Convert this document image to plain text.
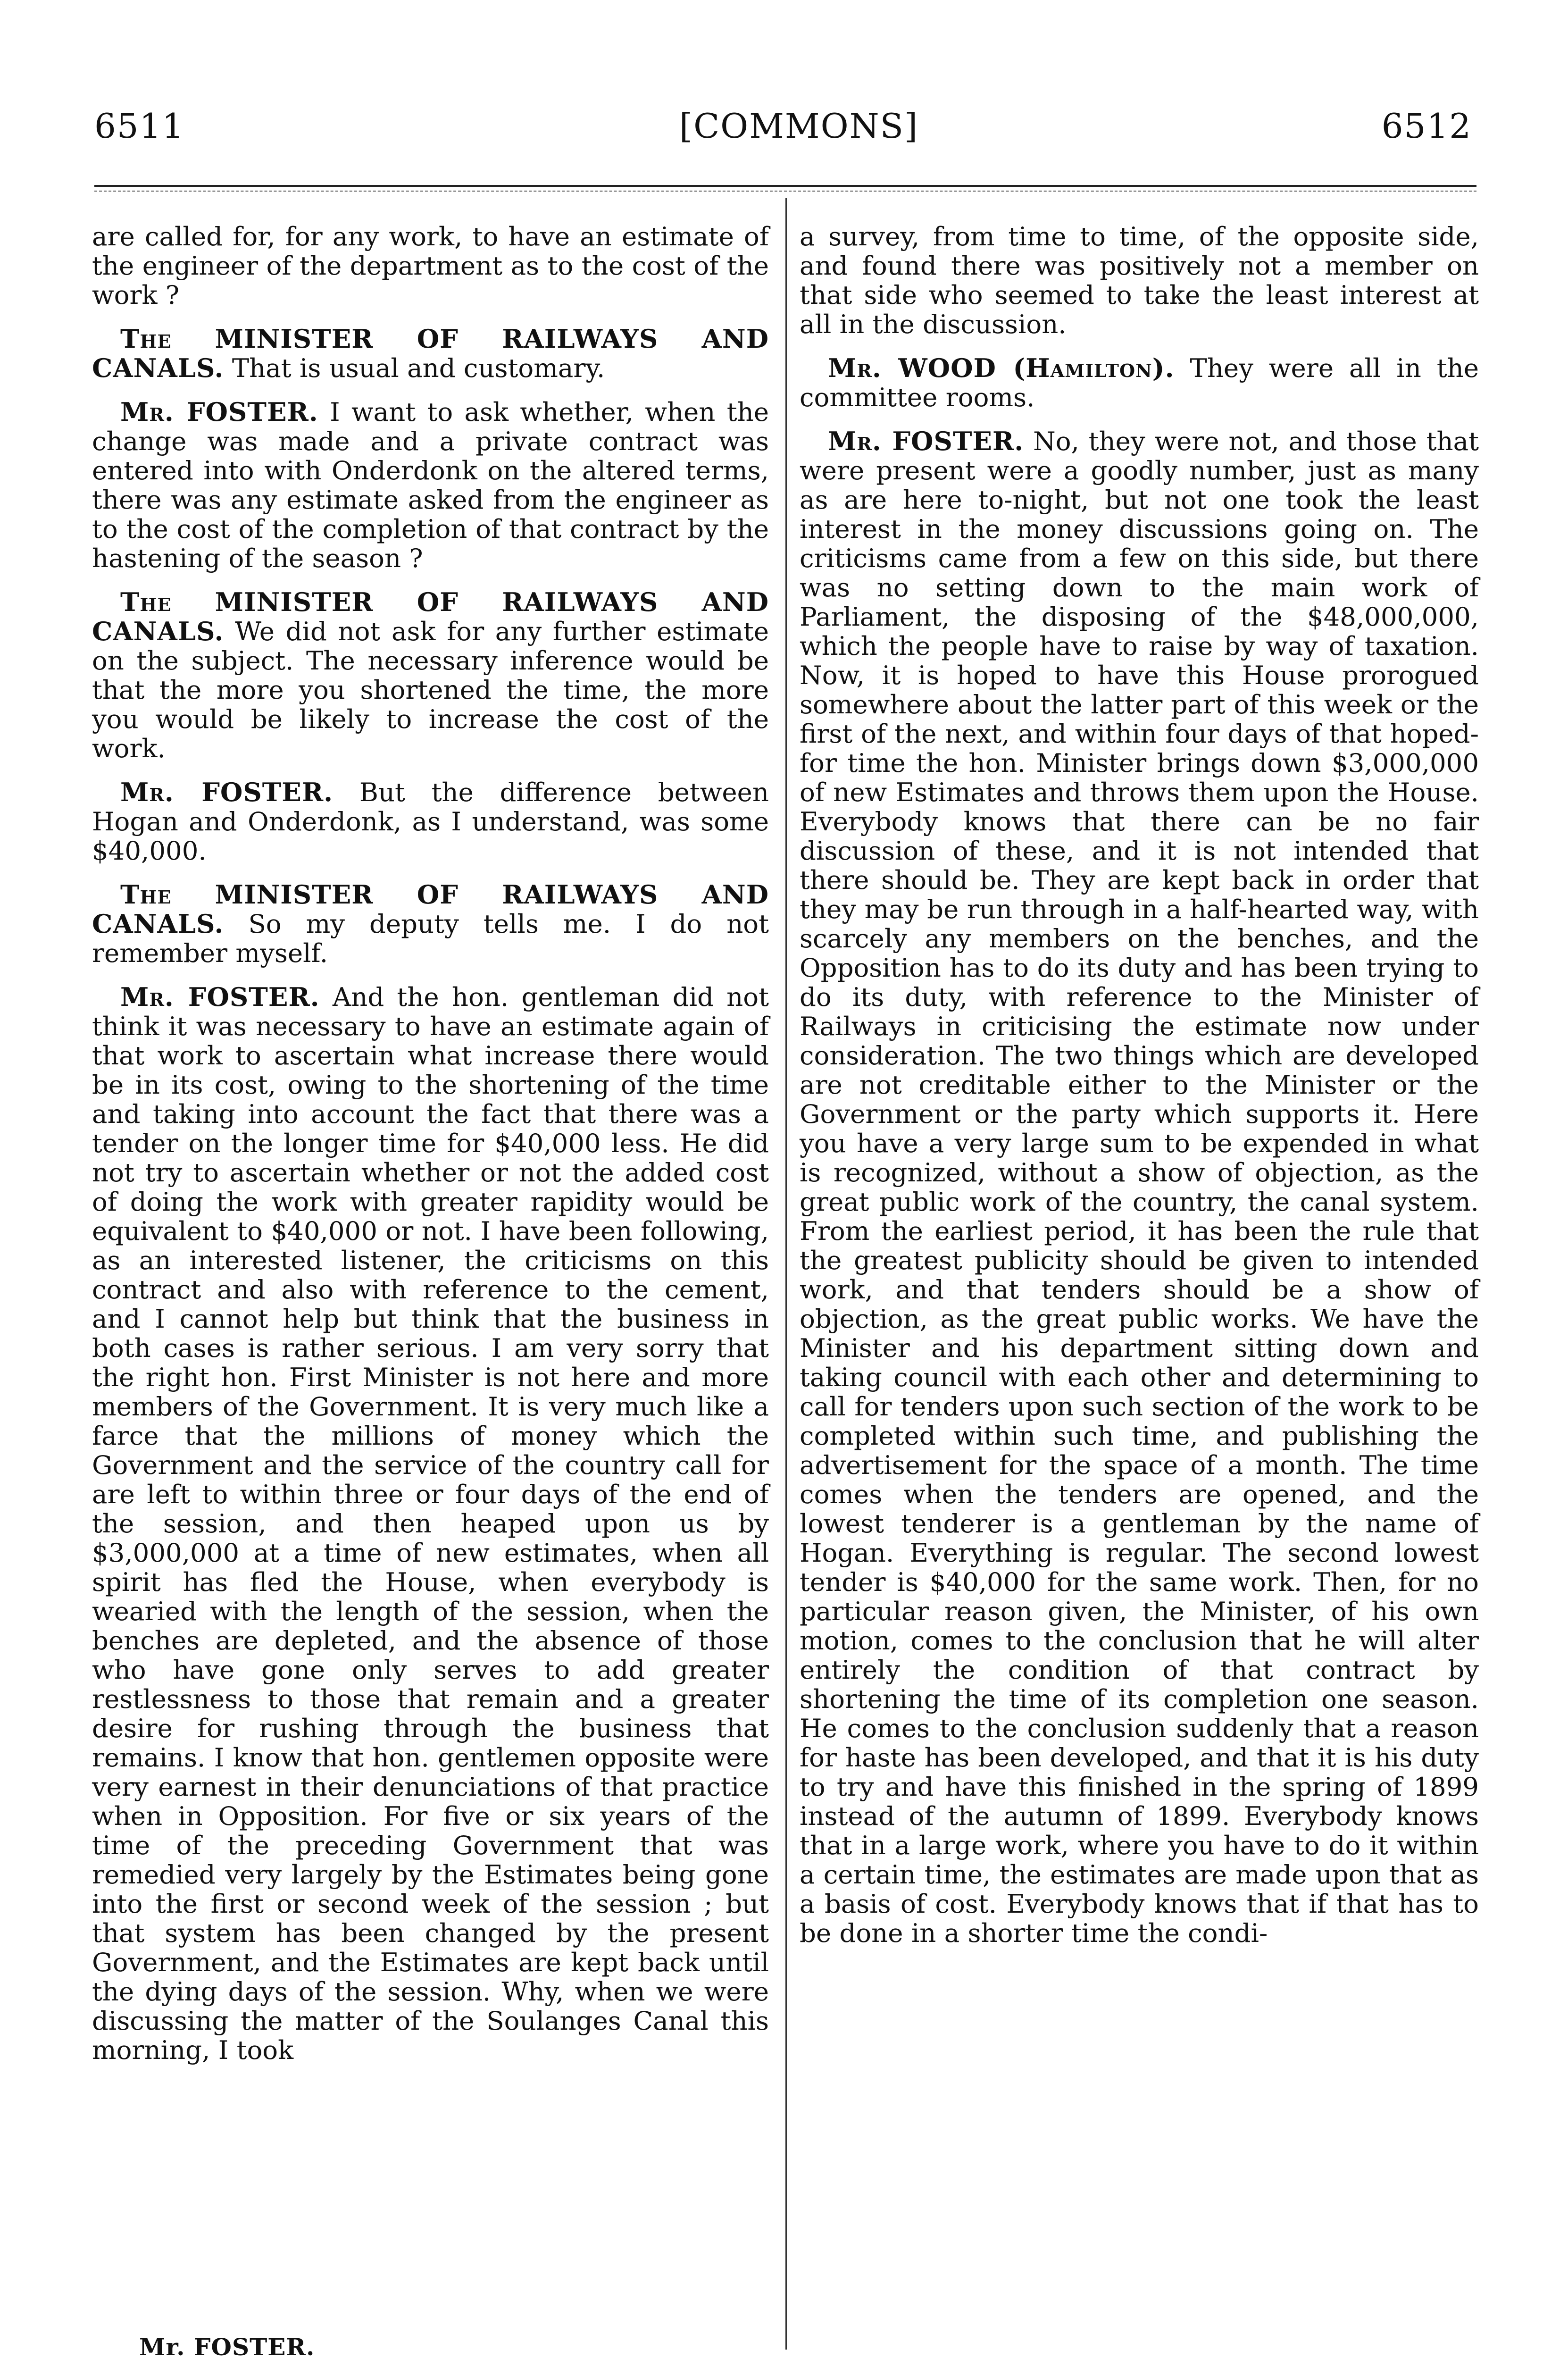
6511	[COMMONS]	6512

are called for, for any work, to have an estimate of the engineer of the department as to the cost of the work ?

The MINISTER OF RAILWAYS AND CANALS. That is usual and customary.

Mr. FOSTER. I want to ask whether, when the change was made and a private contract was entered into with Onderdonk on the altered terms, there was any estimate asked from the engineer as to the cost of the completion of that contract by the hastening of the season ?

The MINISTER OF RAILWAYS AND CANALS. We did not ask for any further estimate on the subject. The necessary inference would be that the more you shortened the time, the more you would be likely to increase the cost of the work.

Mr. FOSTER. But the difference between Hogan and Onderdonk, as I understand, was some $40,000.

The MINISTER OF RAILWAYS AND CANALS. So my deputy tells me. I do not remember myself.

Mr. FOSTER. And the hon. gentleman did not think it was necessary to have an estimate again of that work to ascertain what increase there would be in its cost, owing to the shortening of the time and taking into account the fact that there was a tender on the longer time for $40,000 less. He did not try to ascertain whether or not the added cost of doing the work with greater rapidity would be equivalent to $40,000 or not. I have been following, as an interested listener, the criticisms on this contract and also with reference to the cement, and I cannot help but think that the business in both cases is rather serious. I am very sorry that the right hon. First Minister is not here and more members of the Government. It is very much like a farce that the millions of money which the Government and the service of the country call for are left to within three or four days of the end of the session, and then heaped upon us by $3,000,000 at a time of new estimates, when all spirit has fled the House, when everybody is wearied with the length of the session, when the benches are depleted, and the absence of those who have gone only serves to add greater restlessness to those that remain and a greater desire for rushing through the business that remains. I know that hon. gentlemen opposite were very earnest in their denunciations of that practice when in Opposition. For five or six years of the time of the preceding Government that was remedied very largely by the Estimates being gone into the first or second week of the session ; but that system has been changed by the present Government, and the Estimates are kept back until the dying days of the session. Why, when we were discussing the matter of the Soulanges Canal this morning, I took

a survey, from time to time, of the opposite side, and found there was positively not a member on that side who seemed to take the least interest at all in the discussion.

Mr. WOOD (Hamilton). They were all in the committee rooms.

Mr. FOSTER. No, they were not, and those that were present were a goodly number, just as many as are here to-night, but not one took the least interest in the money discussions going on. The criticisms came from a few on this side, but there was no setting down to the main work of Parliament, the disposing of the $48,000,000, which the people have to raise by way of taxation. Now, it is hoped to have this House prorogued somewhere about the latter part of this week or the first of the next, and within four days of that hoped-for time the hon. Minister brings down $3,000,000 of new Estimates and throws them upon the House. Everybody knows that there can be no fair discussion of these, and it is not intended that there should be. They are kept back in order that they may be run through in a half-hearted way, with scarcely any members on the benches, and the Opposition has to do its duty and has been trying to do its duty, with reference to the Minister of Railways in criticising the estimate now under consideration. The two things which are developed are not creditable either to the Minister or the Government or the party which supports it. Here you have a very large sum to be expended in what is recognized, without a show of objection, as the great public work of the country, the canal system. From the earliest period, it has been the rule that the greatest publicity should be given to intended work, and that tenders should be a show of objection, as the great public works. We have the Minister and his department sitting down and taking council with each other and determining to call for tenders upon such section of the work to be completed within such time, and publishing the advertisement for the space of a month. The time comes when the tenders are opened, and the lowest tenderer is a gentleman by the name of Hogan. Everything is regular. The second lowest tender is $40,000 for the same work. Then, for no particular reason given, the Minister, of his own motion, comes to the conclusion that he will alter entirely the condition of that contract by shortening the time of its completion one season. He comes to the conclusion suddenly that a reason for haste has been developed, and that it is his duty to try and have this finished in the spring of 1899 instead of the autumn of 1899. Everybody knows that in a large work, where you have to do it within a certain time, the estimates are made upon that as a basis of cost. Everybody knows that if that has to be done in a shorter time the condi-

Mr. FOSTER.
